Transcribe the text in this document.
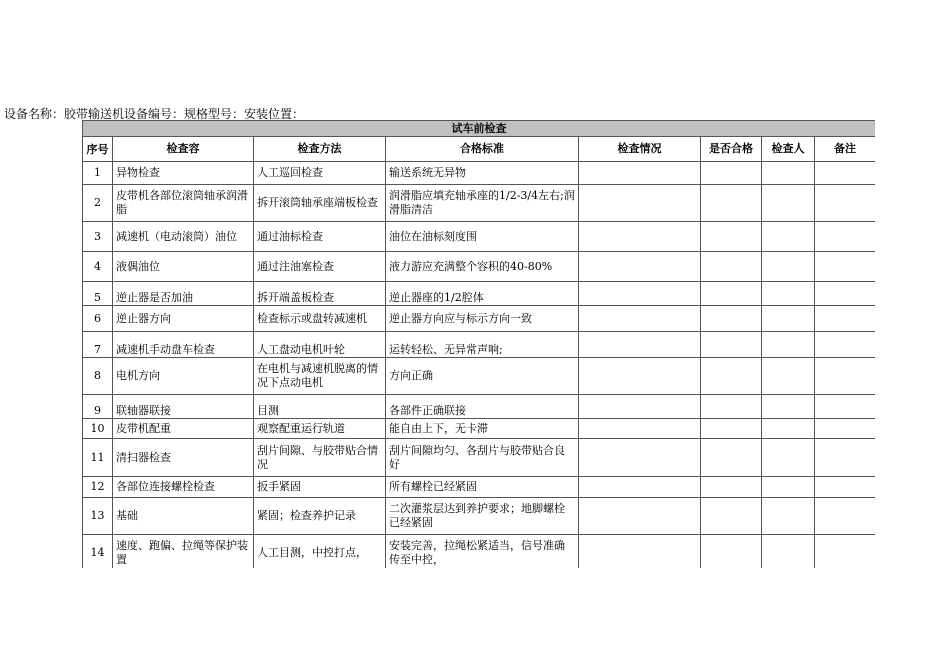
设备名称：胶带输送机设备编号：规格型号：安装位置：
试车前检查							
序号	检查容	检查方法	合格标准	检查情况	是否合格	检查人	备注
1	异物检查	人工巡回检查	输送系统无异物				
2	皮带机各部位滚筒轴承润滑脂	拆开滚筒轴承座端板检查	润滑脂应填充轴承座的1/2-3/4左右;润滑脂清洁				
3	减速机（电动滚筒）油位	通过油标检查	油位在油标刻度围				
4	液偶油位	通过注油塞检查	液力游应充满整个容积的40-80%				
5	逆止器是否加油	拆开端盖板检查	逆止器座的1/2腔体				
6	逆止器方向	检查标示或盘转减速机	逆止器方向应与标示方向一致				
7	减速机手动盘车检查	人工盘动电机叶轮	运转轻松、无异常声响;				
8	电机方向	在电机与减速机脱离的情况下点动电机	方向正确				
9	联轴器联接	目测	各部件正确联接				
10	皮带机配重	观察配重运行轨道	能自由上下，无卡滞				
11	清扫器检查	刮片间隙、与胶带贴合情况	刮片间隙均匀、各刮片与胶带贴合良好				
12	各部位连接螺栓检查	扳手紧固	所有螺栓已经紧固				
13	基础	紧固；检查养护记录	二次灌浆层达到养护要求；地脚螺栓已经紧固				
14	速度、跑偏、拉绳等保护装置	人工目测，中控打点，	安装完善，拉绳松紧适当，信号准确传至中控，				
